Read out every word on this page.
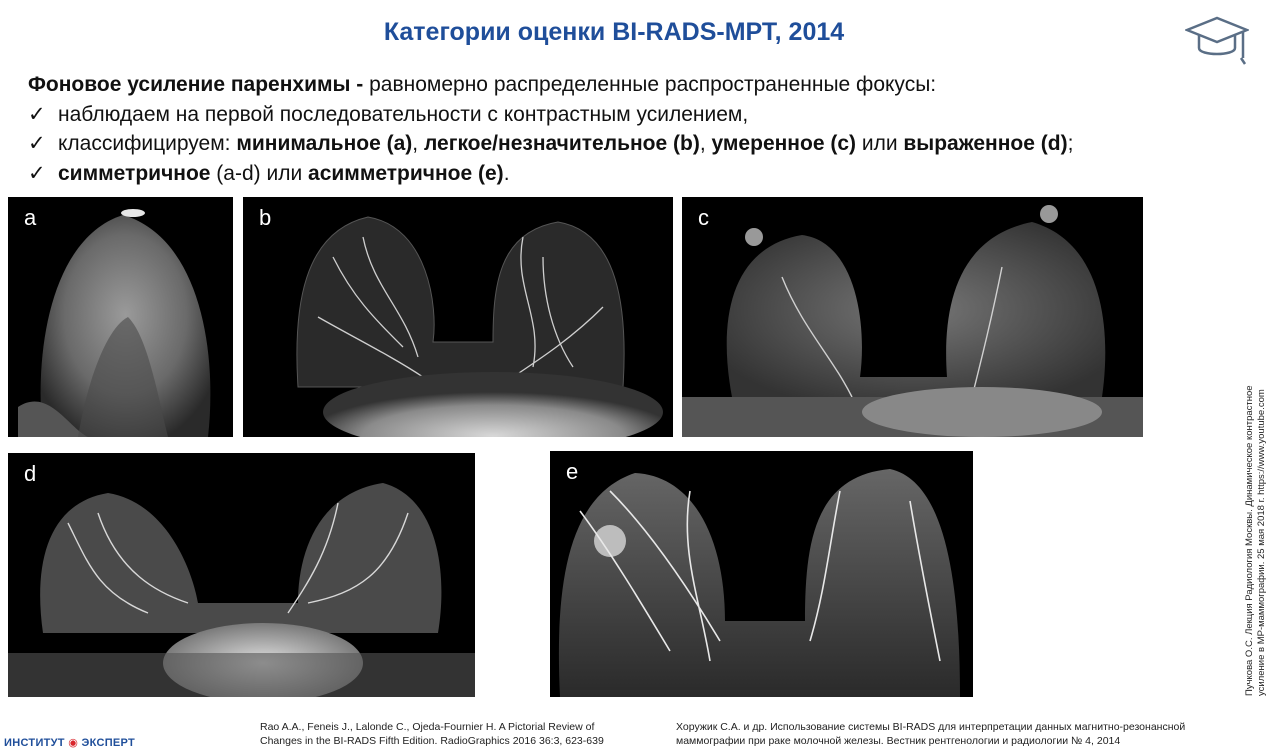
Категории оценки BI-RADS-МРТ, 2014

Фоновое усиление паренхимы - равномерно распределенные распространенные фокусы:

✓ наблюдаем на первой последовательности с контрастным усилением,

✓ классифицируем: минимальное (а), легкое/незначительное (b), умеренное (с) или выраженное (d);

✓ симметричное (a-d) или асимметричное (e).

a	b	c
d	e	Пучкова О.С. Лекция Радиология Москвы. Динамическое контрастное усиление в МР-маммографии. 25 мая 2018 г. https://www.youtube.com
Rao A.A., Feneis J., Lalonde C., Ojeda-Fournier H. A Pictorial Review of
Changes in the BI-RADS Fifth Edition. RadioGraphics 2016 36:3, 623-639
Хоружик С.А. и др. Использование системы BI-RADS для интерпретации данных магнитно-резонансной
маммографии при раке молочной железы. Вестник рентгенологии и радиологии № 4, 2014
ИНСТИТУТ ◉ ЭКСПЕРТ
